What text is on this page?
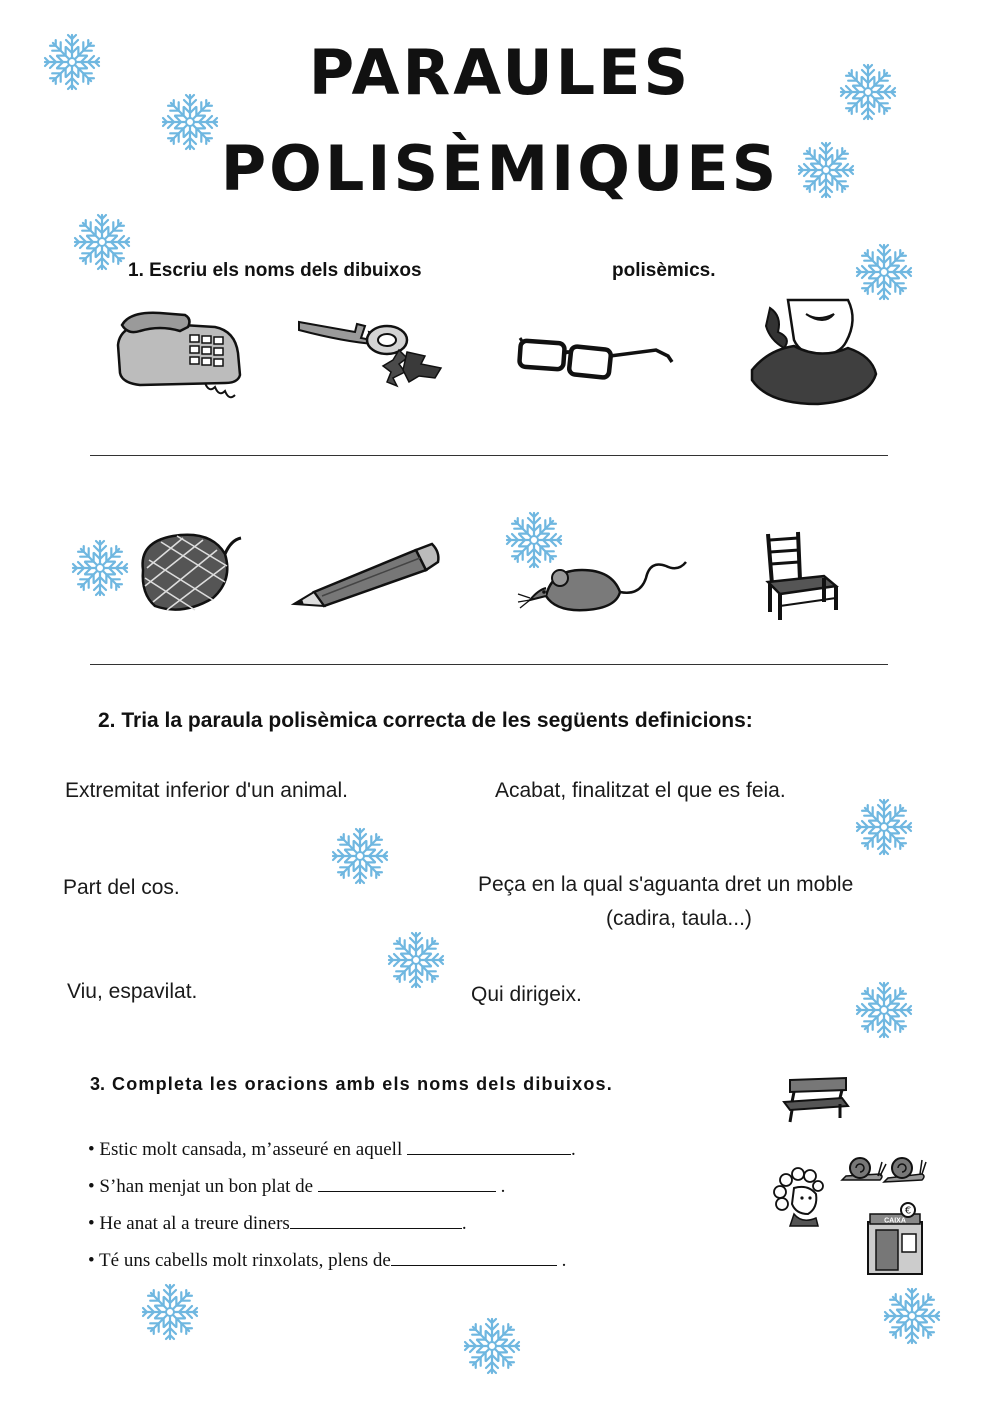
PARAULES
POLISÈMIQUES
1. Escriu els noms dels dibuixos	polisèmics.
2. Tria la paraula polisèmica correcta de les següents definicions:
Extremitat inferior d'un animal.	Acabat, finalitzat el que es feia.
Part del cos.	Peça en la qual s'aguanta dret un moble
(cadira, taula...)
Viu, espavilat.	Qui dirigeix.
3. Completa les oracions amb els noms dels dibuixos.
• Estic molt cansada, m’asseuré en aquell	.
• S’han menjat un bon plat de	.
• He anat al a treure diners	.
• Té uns cabells molt rinxolats, plens de	.
CAIXA
€
